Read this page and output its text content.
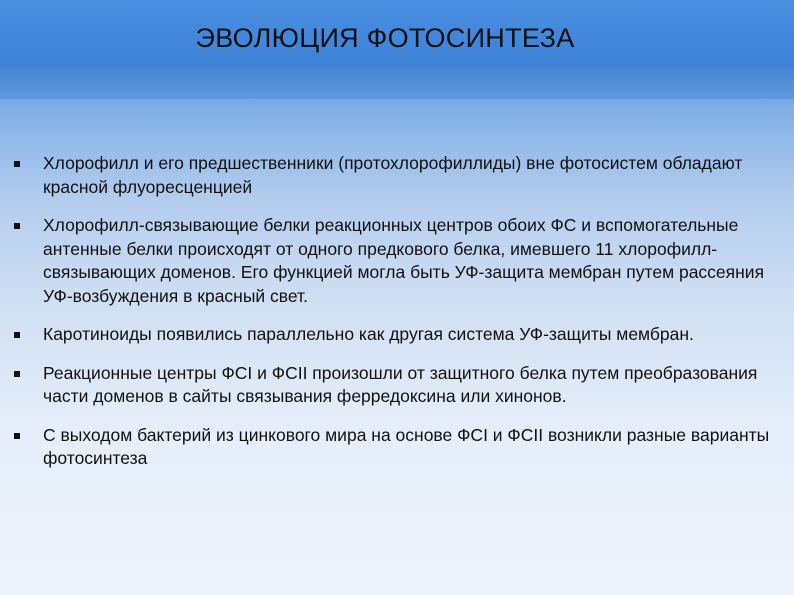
ЭВОЛЮЦИЯ ФОТОСИНТЕЗА
Хлорофилл и его предшественники (протохлорофиллиды) вне фотосистем обладают красной флуоресценцией
Хлорофилл-связывающие белки реакционных центров обоих ФС и вспомогательные антенные белки происходят от одного предкового белка, имевшего 11 хлорофилл-связывающих доменов. Его функцией могла быть УФ-защита мембран путем рассеяния УФ-возбуждения в красный свет.
Каротиноиды появились параллельно как другая система УФ-защиты мембран.
Реакционные центры ФСI и ФСII произошли от защитного белка путем преобразования части доменов в сайты связывания ферредоксина или хинонов.
С выходом бактерий из цинкового мира на основе ФСI и ФСII возникли разные варианты фотосинтеза
